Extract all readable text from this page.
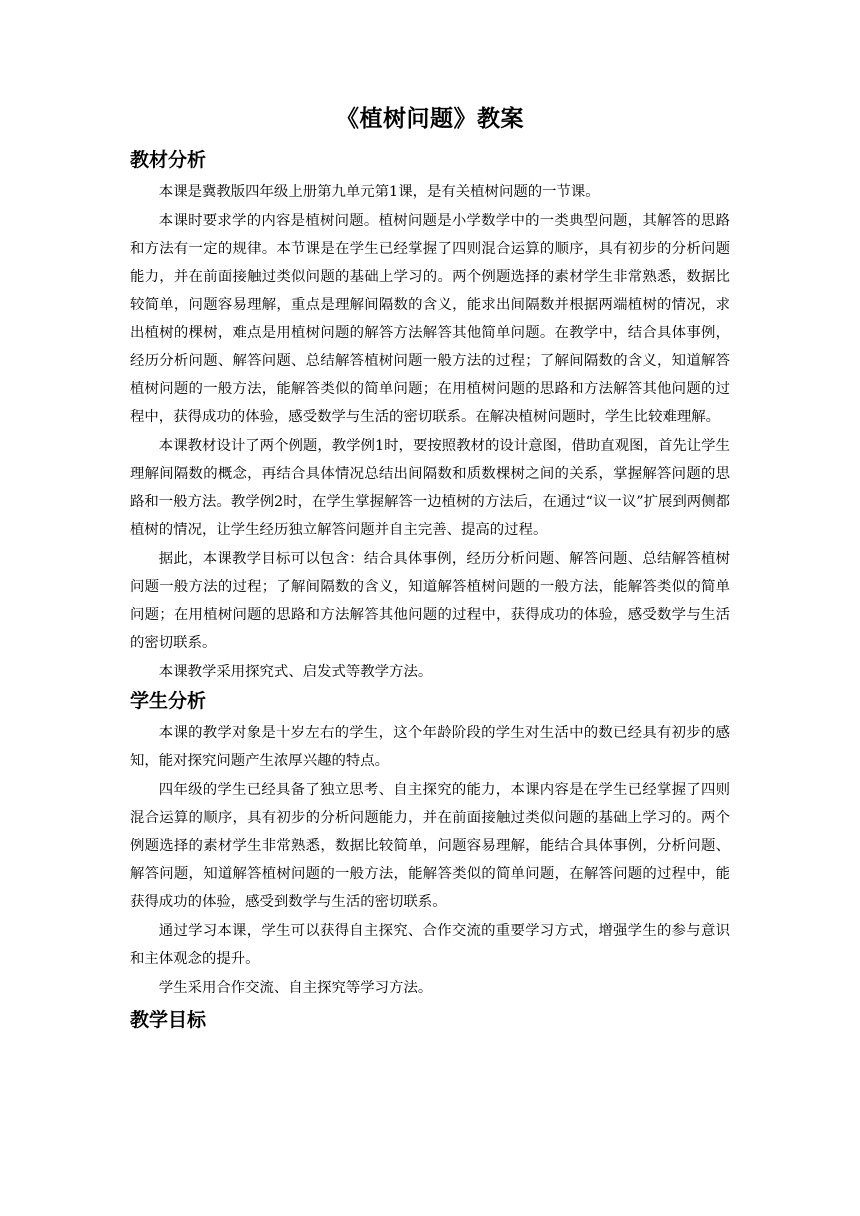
《植树问题》教案
教材分析

本课是冀教版四年级上册第九单元第1课，是有关植树问题的一节课。

本课时要求学的内容是植树问题。植树问题是小学数学中的一类典型问题，其解答的思路和方法有一定的规律。本节课是在学生已经掌握了四则混合运算的顺序，具有初步的分析问题能力，并在前面接触过类似问题的基础上学习的。两个例题选择的素材学生非常熟悉，数据比较简单，问题容易理解，重点是理解间隔数的含义，能求出间隔数并根据两端植树的情况，求出植树的棵树，难点是用植树问题的解答方法解答其他简单问题。在教学中，结合具体事例，经历分析问题、解答问题、总结解答植树问题一般方法的过程；了解间隔数的含义，知道解答植树问题的一般方法，能解答类似的简单问题；在用植树问题的思路和方法解答其他问题的过程中，获得成功的体验，感受数学与生活的密切联系。在解决植树问题时，学生比较难理解。

本课教材设计了两个例题，教学例1时，要按照教材的设计意图，借助直观图，首先让学生理解间隔数的概念，再结合具体情况总结出间隔数和质数棵树之间的关系，掌握解答问题的思路和一般方法。教学例2时，在学生掌握解答一边植树的方法后，在通过“议一议”扩展到两侧都植树的情况，让学生经历独立解答问题并自主完善、提高的过程。

据此，本课教学目标可以包含：结合具体事例，经历分析问题、解答问题、总结解答植树问题一般方法的过程；了解间隔数的含义，知道解答植树问题的一般方法，能解答类似的简单问题；在用植树问题的思路和方法解答其他问题的过程中，获得成功的体验，感受数学与生活的密切联系。

本课教学采用探究式、启发式等教学方法。

学生分析

本课的教学对象是十岁左右的学生，这个年龄阶段的学生对生活中的数已经具有初步的感知，能对探究问题产生浓厚兴趣的特点。

四年级的学生已经具备了独立思考、自主探究的能力，本课内容是在学生已经掌握了四则混合运算的顺序，具有初步的分析问题能力，并在前面接触过类似问题的基础上学习的。两个例题选择的素材学生非常熟悉，数据比较简单，问题容易理解，能结合具体事例，分析问题、解答问题，知道解答植树问题的一般方法，能解答类似的简单问题，在解答问题的过程中，能获得成功的体验，感受到数学与生活的密切联系。

通过学习本课，学生可以获得自主探究、合作交流的重要学习方式，增强学生的参与意识和主体观念的提升。

学生采用合作交流、自主探究等学习方法。

教学目标
